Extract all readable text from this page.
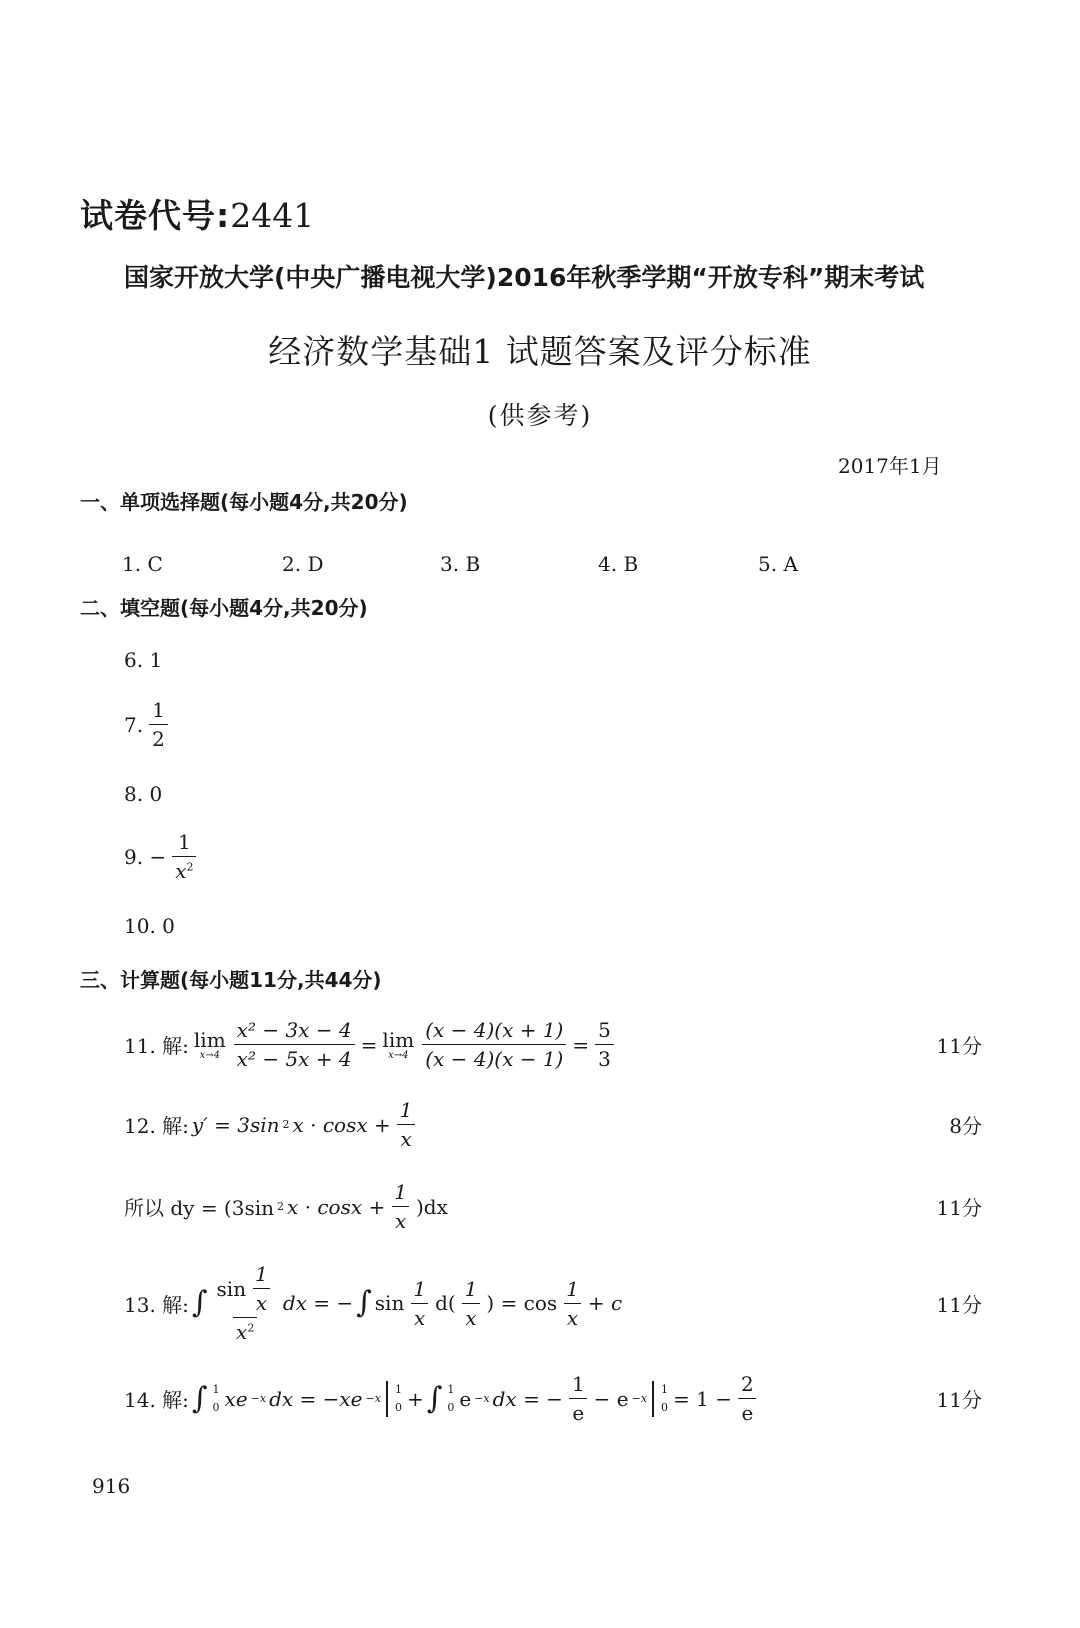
试卷代号:2441
国家开放大学(中央广播电视大学)2016年秋季学期“开放专科”期末考试
经济数学基础1 试题答案及评分标准
(供参考)
2017年1月
一、单项选择题(每小题4分,共20分)
1. C	2. D	3. B	4. B	5. A
二、填空题(每小题4分,共20分)
6. 1
7. $\frac{1}{2}$
8. 0
9. − $\frac{1}{x^2}$
10. 0
三、计算题(每小题11分,共44分)
11. 解: lim
$x\to 4 \frac{\text{x² − 3x − 4}}{\text{x² − 5x + 4}} = \lim$
$x\to 4 \frac{(x - 4)(x + 1)}{(x - 4)(x - 1)} = \frac{5}{3}$	11分
12. 解: y′ = 3sin 2 $x \cdot \cos x + \frac{1}{x}$	8分
所以 dy = (3sin 2 $x \cdot \cos x + \frac{1}{x} )dx$	11分
13. 解: ∫ $\frac{\sin \frac{1}{x}}{x^2}$ dx = − ∫ $\sin \frac{1}{x} d( \frac{1}{x}$ ) = $\cos \frac{1}{x} + c$	11分
14. 解: ∫ 1
0 xe −x dx = −xe −x
1
0 + ∫ 1
0 e −x dx = − $\frac{1}{e} - e -x$
1
$0 = 1 - \frac{2}{e}$	11分
916
